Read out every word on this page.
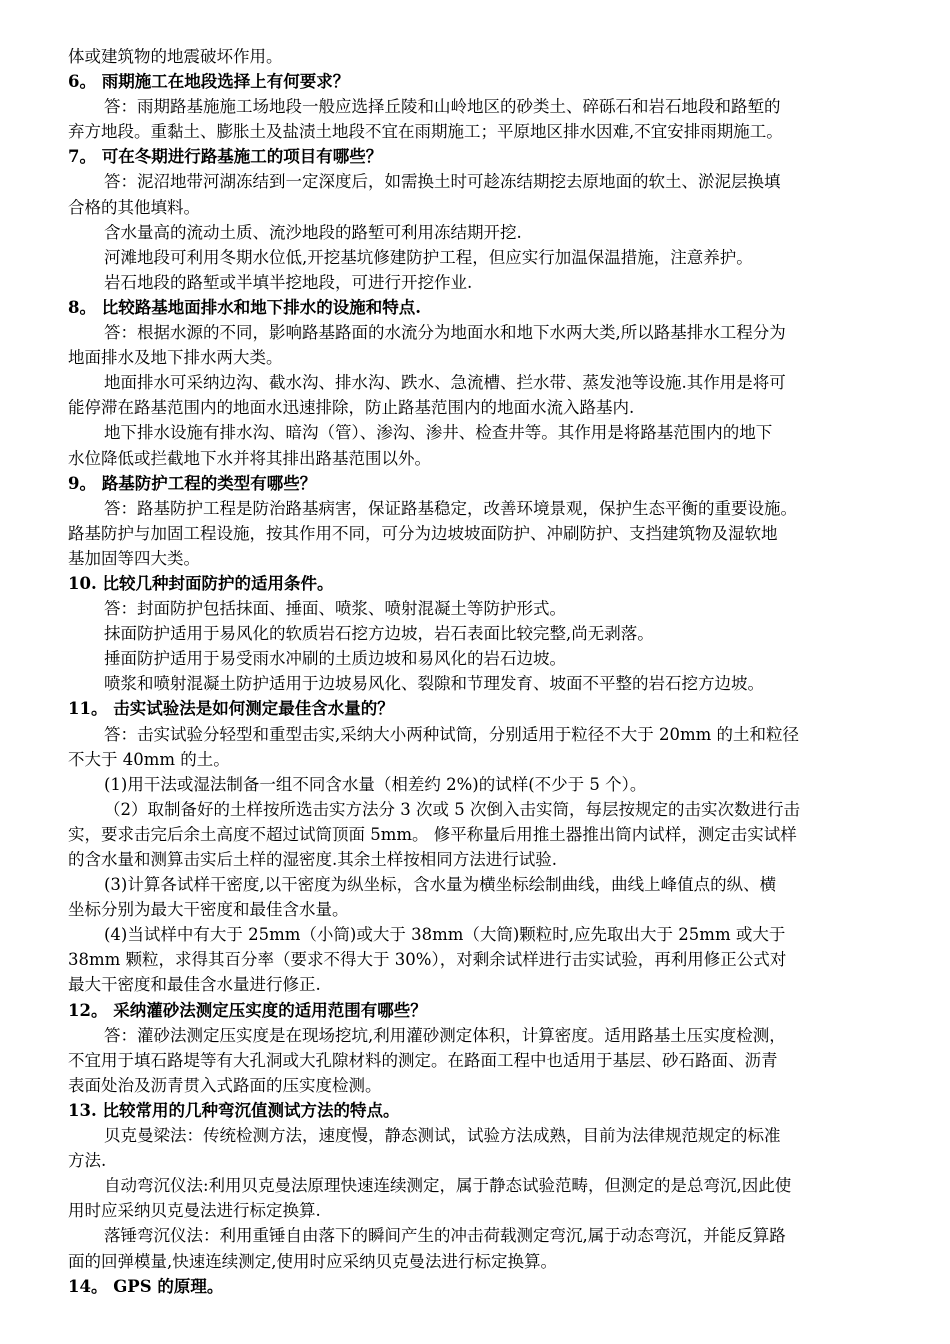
体或建筑物的地震破坏作用。
6。 雨期施工在地段选择上有何要求？
答：雨期路基施施工场地段一般应选择丘陵和山岭地区的砂类土、碎砾石和岩石地段和路堑的
弃方地段。重黏土、膨胀土及盐渍土地段不宜在雨期施工；平原地区排水因难,不宜安排雨期施工。
7。 可在冬期进行路基施工的项目有哪些？
答：泥沼地带河湖冻结到一定深度后，如需换土时可趁冻结期挖去原地面的软土、淤泥层换填
合格的其他填料。
含水量高的流动土质、流沙地段的路堑可利用冻结期开挖.
河滩地段可利用冬期水位低,开挖基坑修建防护工程，但应实行加温保温措施，注意养护。
岩石地段的路堑或半填半挖地段，可进行开挖作业.
8。 比较路基地面排水和地下排水的设施和特点.
答：根据水源的不同，影响路基路面的水流分为地面水和地下水两大类,所以路基排水工程分为
地面排水及地下排水两大类。
地面排水可采纳边沟、截水沟、排水沟、跌水、急流槽、拦水带、蒸发池等设施.其作用是将可
能停滞在路基范围内的地面水迅速排除，防止路基范围内的地面水流入路基内.
地下排水设施有排水沟、暗沟（管）、渗沟、渗井、检查井等。其作用是将路基范围内的地下
水位降低或拦截地下水并将其排出路基范围以外。
9。 路基防护工程的类型有哪些？
答：路基防护工程是防治路基病害，保证路基稳定，改善环境景观，保护生态平衡的重要设施。
路基防护与加固工程设施，按其作用不同，可分为边坡坡面防护、冲刷防护、支挡建筑物及湿软地
基加固等四大类。
10. 比较几种封面防护的适用条件。
答：封面防护包括抹面、捶面、喷浆、喷射混凝土等防护形式。
抹面防护适用于易风化的软质岩石挖方边坡，岩石表面比较完整,尚无剥落。
捶面防护适用于易受雨水冲刷的土质边坡和易风化的岩石边坡。
喷浆和喷射混凝土防护适用于边坡易风化、裂隙和节理发育、坡面不平整的岩石挖方边坡。
11。 击实试验法是如何测定最佳含水量的？
答：击实试验分轻型和重型击实,采纳大小两种试筒，分别适用于粒径不大于 20mm 的土和粒径
不大于 40mm 的土。
(1)用干法或湿法制备一组不同含水量（相差约 2%)的试样(不少于 5 个）。
（2）取制备好的土样按所选击实方法分 3 次或 5 次倒入击实筒，每层按规定的击实次数进行击
实，要求击完后余土高度不超过试筒顶面 5mm。 修平称量后用推土器推出筒内试样，测定击实试样
的含水量和测算击实后土样的湿密度.其余土样按相同方法进行试验.
(3)计算各试样干密度,以干密度为纵坐标，含水量为横坐标绘制曲线，曲线上峰值点的纵、横
坐标分别为最大干密度和最佳含水量。
(4)当试样中有大于 25mm（小筒)或大于 38mm（大筒)颗粒时,应先取出大于 25mm 或大于
38mm 颗粒，求得其百分率（要求不得大于 30%），对剩余试样进行击实试验，再利用修正公式对
最大干密度和最佳含水量进行修正.
12。 采纳灌砂法测定压实度的适用范围有哪些？
答：灌砂法测定压实度是在现场挖坑,利用灌砂测定体积，计算密度。适用路基土压实度检测，
不宜用于填石路堤等有大孔洞或大孔隙材料的测定。在路面工程中也适用于基层、砂石路面、沥青
表面处治及沥青贯入式路面的压实度检测。
13. 比较常用的几种弯沉值测试方法的特点。
贝克曼梁法：传统检测方法，速度慢，静态测试，试验方法成熟，目前为法律规范规定的标准
方法.
自动弯沉仪法:利用贝克曼法原理快速连续测定，属于静态试验范畴，但测定的是总弯沉,因此使
用时应采纳贝克曼法进行标定换算.
落锤弯沉仪法：利用重锤自由落下的瞬间产生的冲击荷载测定弯沉,属于动态弯沉，并能反算路
面的回弹模量,快速连续测定,使用时应采纳贝克曼法进行标定换算。
14。 GPS 的原理。
